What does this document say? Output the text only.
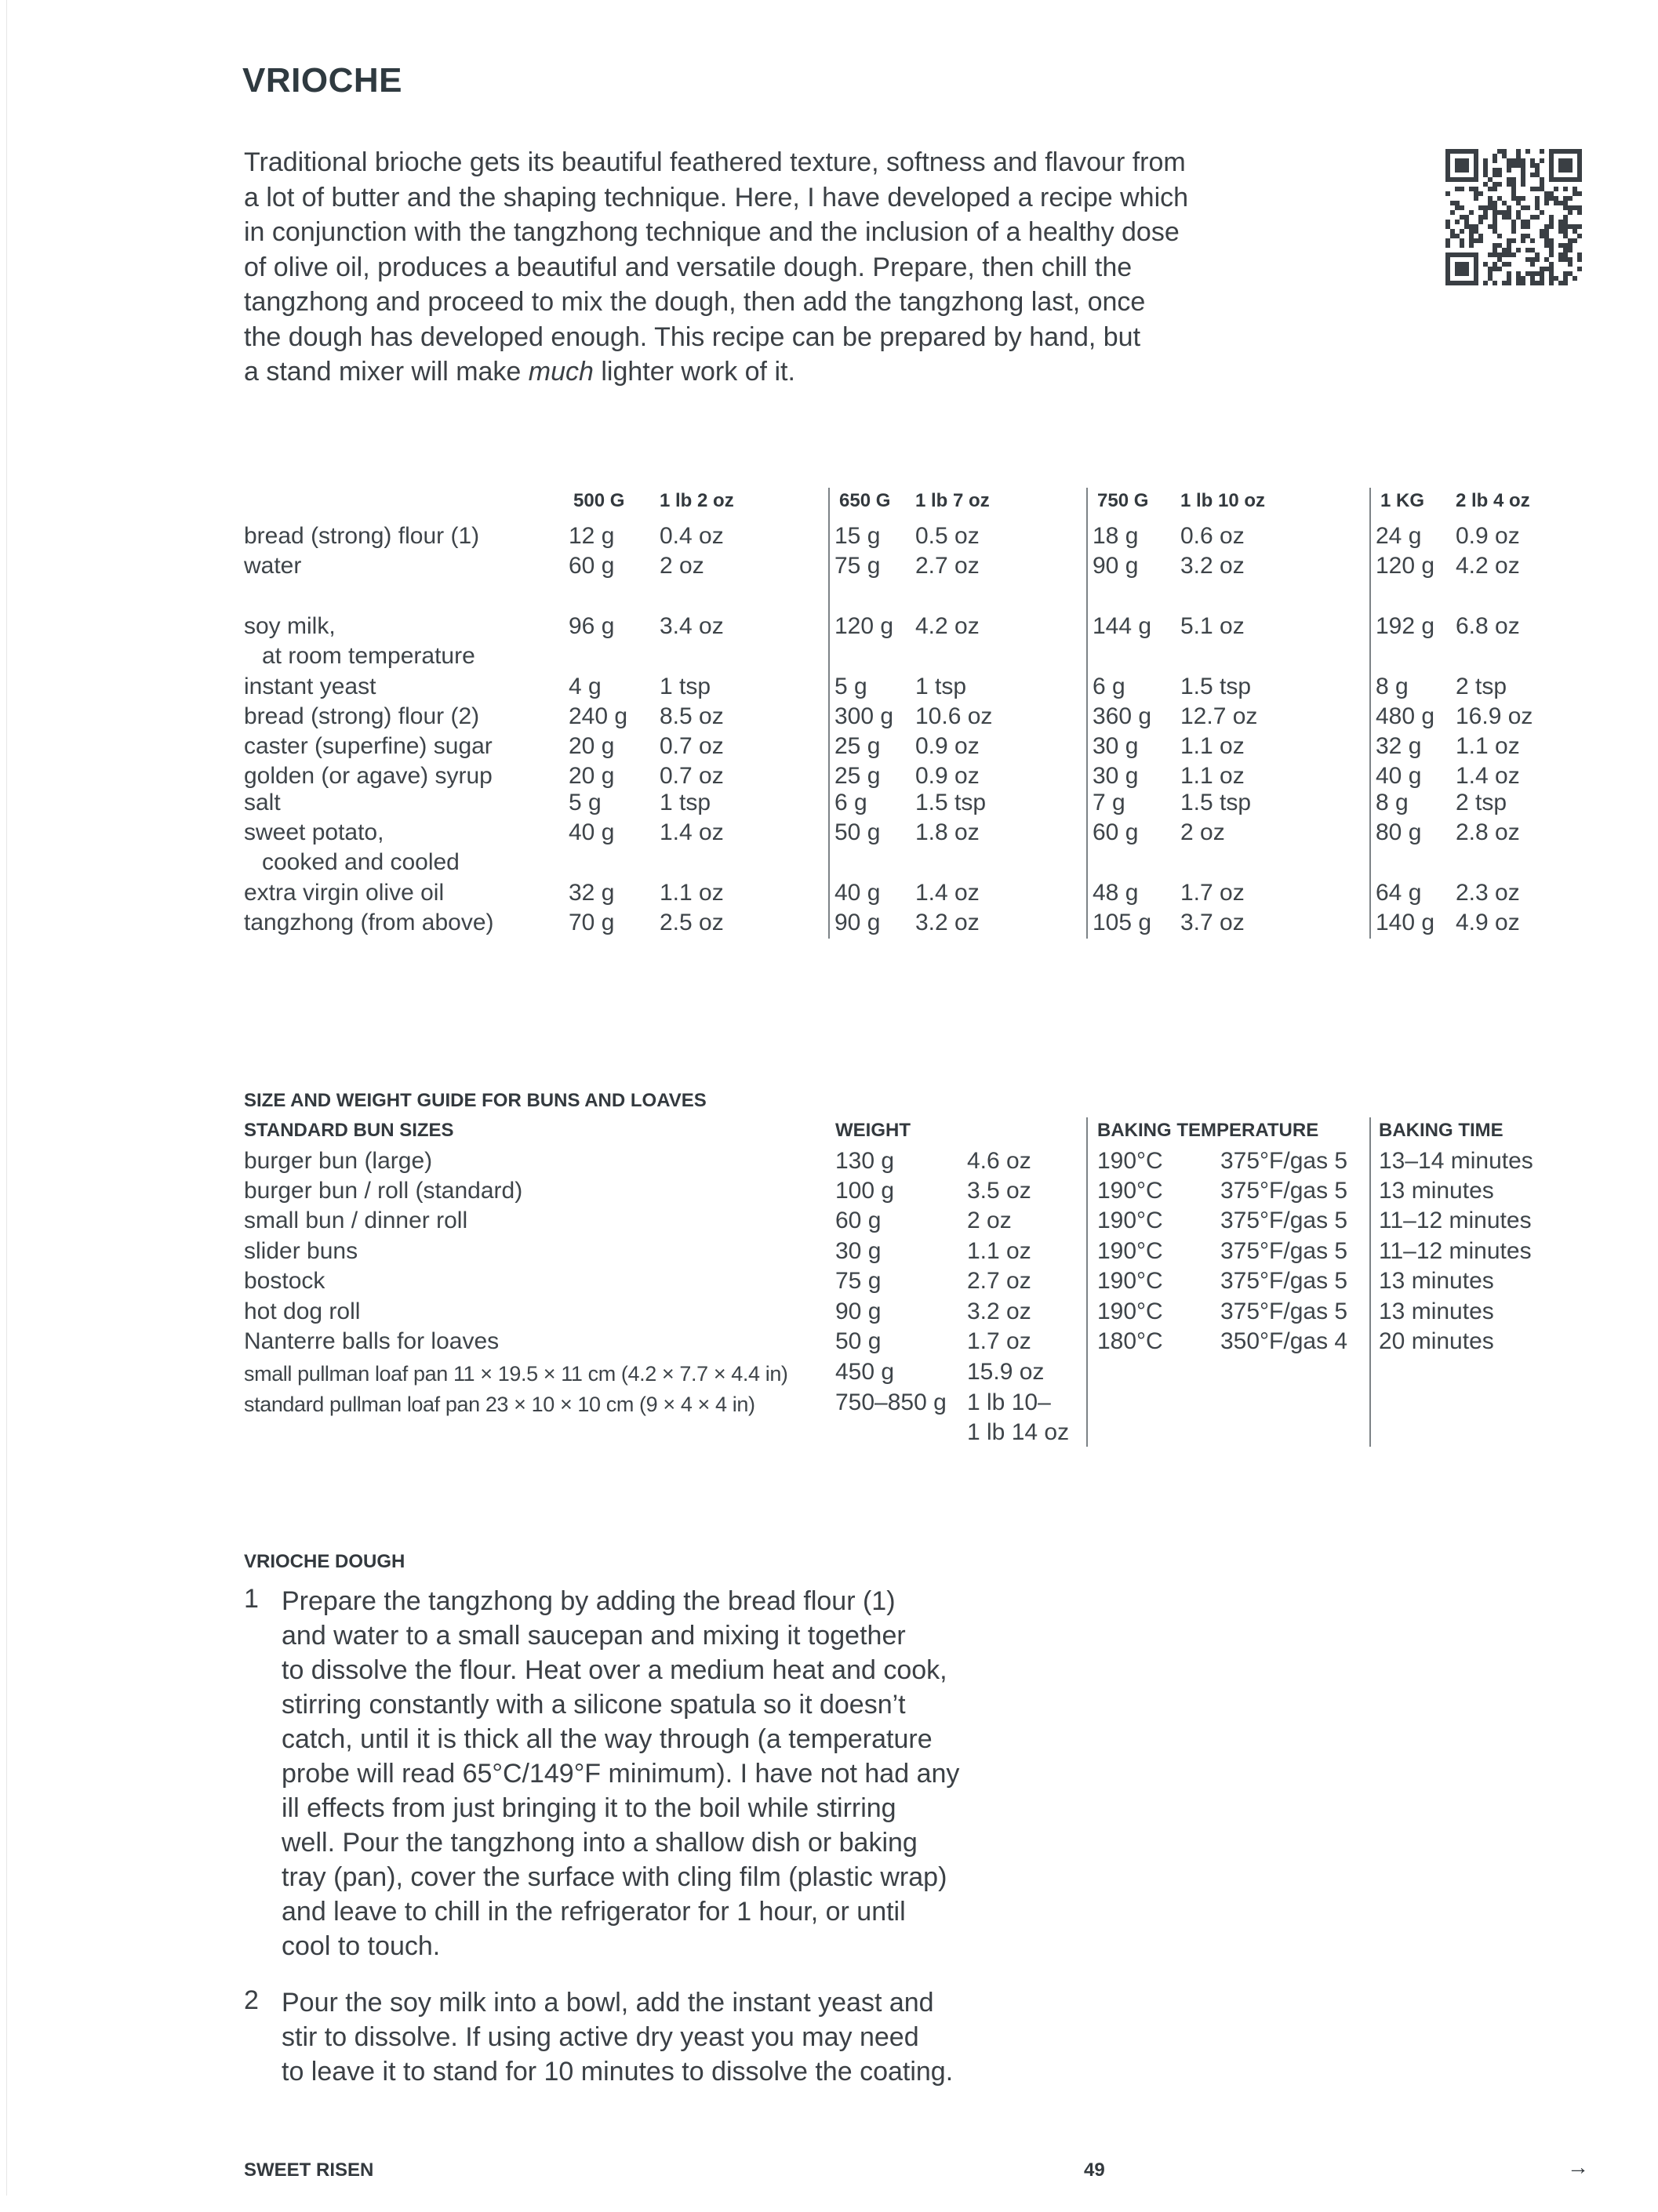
VRIOCHE

Traditional brioche gets its beautiful feathered texture, softness and flavour from
a lot of butter and the shaping technique. Here, I have developed a recipe which
in conjunction with the tangzhong technique and the inclusion of a healthy dose
of olive oil, produces a beautiful and versatile dough. Prepare, then chill the
tangzhong and proceed to mix the dough, then add the tangzhong last, once
the dough has developed enough. This recipe can be prepared by hand, but
a stand mixer will make much lighter work of it.

500 G 1 lb 2 oz	650 G 1 lb 7 oz	750 G 1 lb 10 oz	1 KG 2 lb 4 oz
bread (strong) flour (1)	12 g 0.4 oz	15 g 0.5 oz	18 g 0.6 oz	24 g 0.9 oz
water	60 g 2 oz	75 g 2.7 oz	90 g 3.2 oz	120 g 4.2 oz
soy milk,
at room temperature
96 g 3.4 oz	120 g 4.2 oz	144 g 5.1 oz	192 g 6.8 oz
instant yeast	4 g 1 tsp	5 g 1 tsp	6 g 1.5 tsp	8 g 2 tsp
bread (strong) flour (2)	240 g 8.5 oz	300 g 10.6 oz	360 g 12.7 oz	480 g 16.9 oz
caster (superfine) sugar	20 g 0.7 oz	25 g 0.9 oz	30 g 1.1 oz	32 g 1.1 oz
golden (or agave) syrup	20 g 0.7 oz	25 g 0.9 oz	30 g 1.1 oz	40 g 1.4 oz
salt	5 g 1 tsp	6 g 1.5 tsp	7 g 1.5 tsp	8 g 2 tsp
sweet potato,
cooked and cooled
40 g 1.4 oz	50 g 1.8 oz	60 g 2 oz	80 g 2.8 oz
extra virgin olive oil	32 g 1.1 oz	40 g 1.4 oz	48 g 1.7 oz	64 g 2.3 oz
tangzhong (from above)	70 g 2.5 oz	90 g 3.2 oz	105 g 3.7 oz	140 g 4.9 oz
SIZE AND WEIGHT GUIDE FOR BUNS AND LOAVES
STANDARD BUN SIZES	WEIGHT	BAKING TEMPERATURE	BAKING TIME
burger bun (large)	130 g	4.6 oz	190°C 375°F/gas 5 13–14 minutes
burger bun / roll (standard)	100 g	3.5 oz	190°C 375°F/gas 5 13 minutes
small bun / dinner roll	60 g	2 oz	190°C 375°F/gas 5 11–12 minutes
slider buns	30 g	1.1 oz	190°C 375°F/gas 5 11–12 minutes
bostock	75 g	2.7 oz	190°C 375°F/gas 5 13 minutes
hot dog roll	90 g	3.2 oz	190°C 375°F/gas 5 13 minutes
Nanterre balls for loaves	50 g	1.7 oz	180°C 350°F/gas 4 20 minutes
small pullman loaf pan 11 × 19.5 × 11 cm (4.2 × 7.7 × 4.4 in) 450 g	15.9 oz
standard pullman loaf pan 23 × 10 × 10 cm (9 × 4 × 4 in)	750–850 g 1 lb 10–
1 lb 14 oz
VRIOCHE DOUGH
1 Prepare the tangzhong by adding the bread flour (1)
and water to a small saucepan and mixing it together
to dissolve the flour. Heat over a medium heat and cook,
stirring constantly with a silicone spatula so it doesn’t
catch, until it is thick all the way through (a temperature
probe will read 65°C/149°F minimum). I have not had any
ill effects from just bringing it to the boil while stirring
well. Pour the tangzhong into a shallow dish or baking
tray (pan), cover the surface with cling film (plastic wrap)
and leave to chill in the refrigerator for 1 hour, or until
cool to touch.
2 Pour the soy milk into a bowl, add the instant yeast and
stir to dissolve. If using active dry yeast you may need
to leave it to stand for 10 minutes to dissolve the coating.
SWEET RISEN	49	→
